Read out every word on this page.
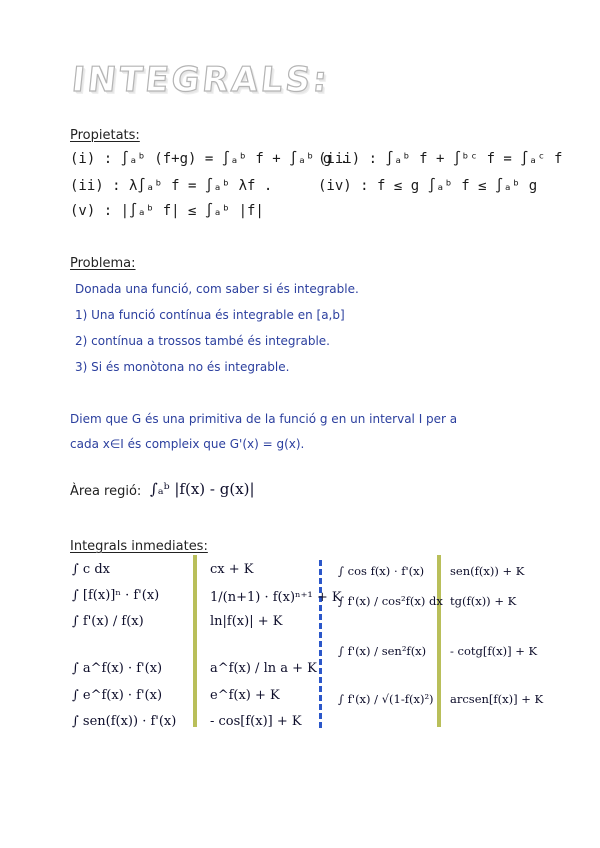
INTEGRALS:
Propietats:
(i) : ∫ₐᵇ (f+g) = ∫ₐᵇ f + ∫ₐᵇ g .
(ii) : λ∫ₐᵇ f = ∫ₐᵇ λf .
(iii) : ∫ₐᵇ f + ∫ᵇᶜ f = ∫ₐᶜ f
(iv) : f ≤ g ∫ₐᵇ f ≤ ∫ₐᵇ g
(v) : |∫ₐᵇ f| ≤ ∫ₐᵇ |f|
Problema:
Donada una funció, com saber si és integrable.
1) Una funció contínua és integrable en [a,b]
2) contínua a trossos també és integrable.
3) Si és monòtona no és integrable.
Diem que G és una primitiva de la funció g en un interval I per a
cada x∈I és compleix que G'(x) = g(x).
Àrea regió: ∫ₐᵇ |f(x) - g(x)|
Integrals inmediates:
∫ c dx
∫ [f(x)]ⁿ · f'(x)
∫ f'(x) / f(x)
∫ a^f(x) · f'(x)
∫ e^f(x) · f'(x)
∫ sen(f(x)) · f'(x)
cx + K
1/(n+1) · f(x)ⁿ⁺¹ + K
ln|f(x)| + K
a^f(x) / ln a + K
e^f(x) + K
- cos[f(x)] + K
∫ cos f(x) · f'(x)
∫ f'(x) / cos²f(x) dx
∫ f'(x) / sen²f(x)
∫ f'(x) / √(1-f(x)²)
sen(f(x)) + K
tg(f(x)) + K
- cotg[f(x)] + K
arcsen[f(x)] + K
